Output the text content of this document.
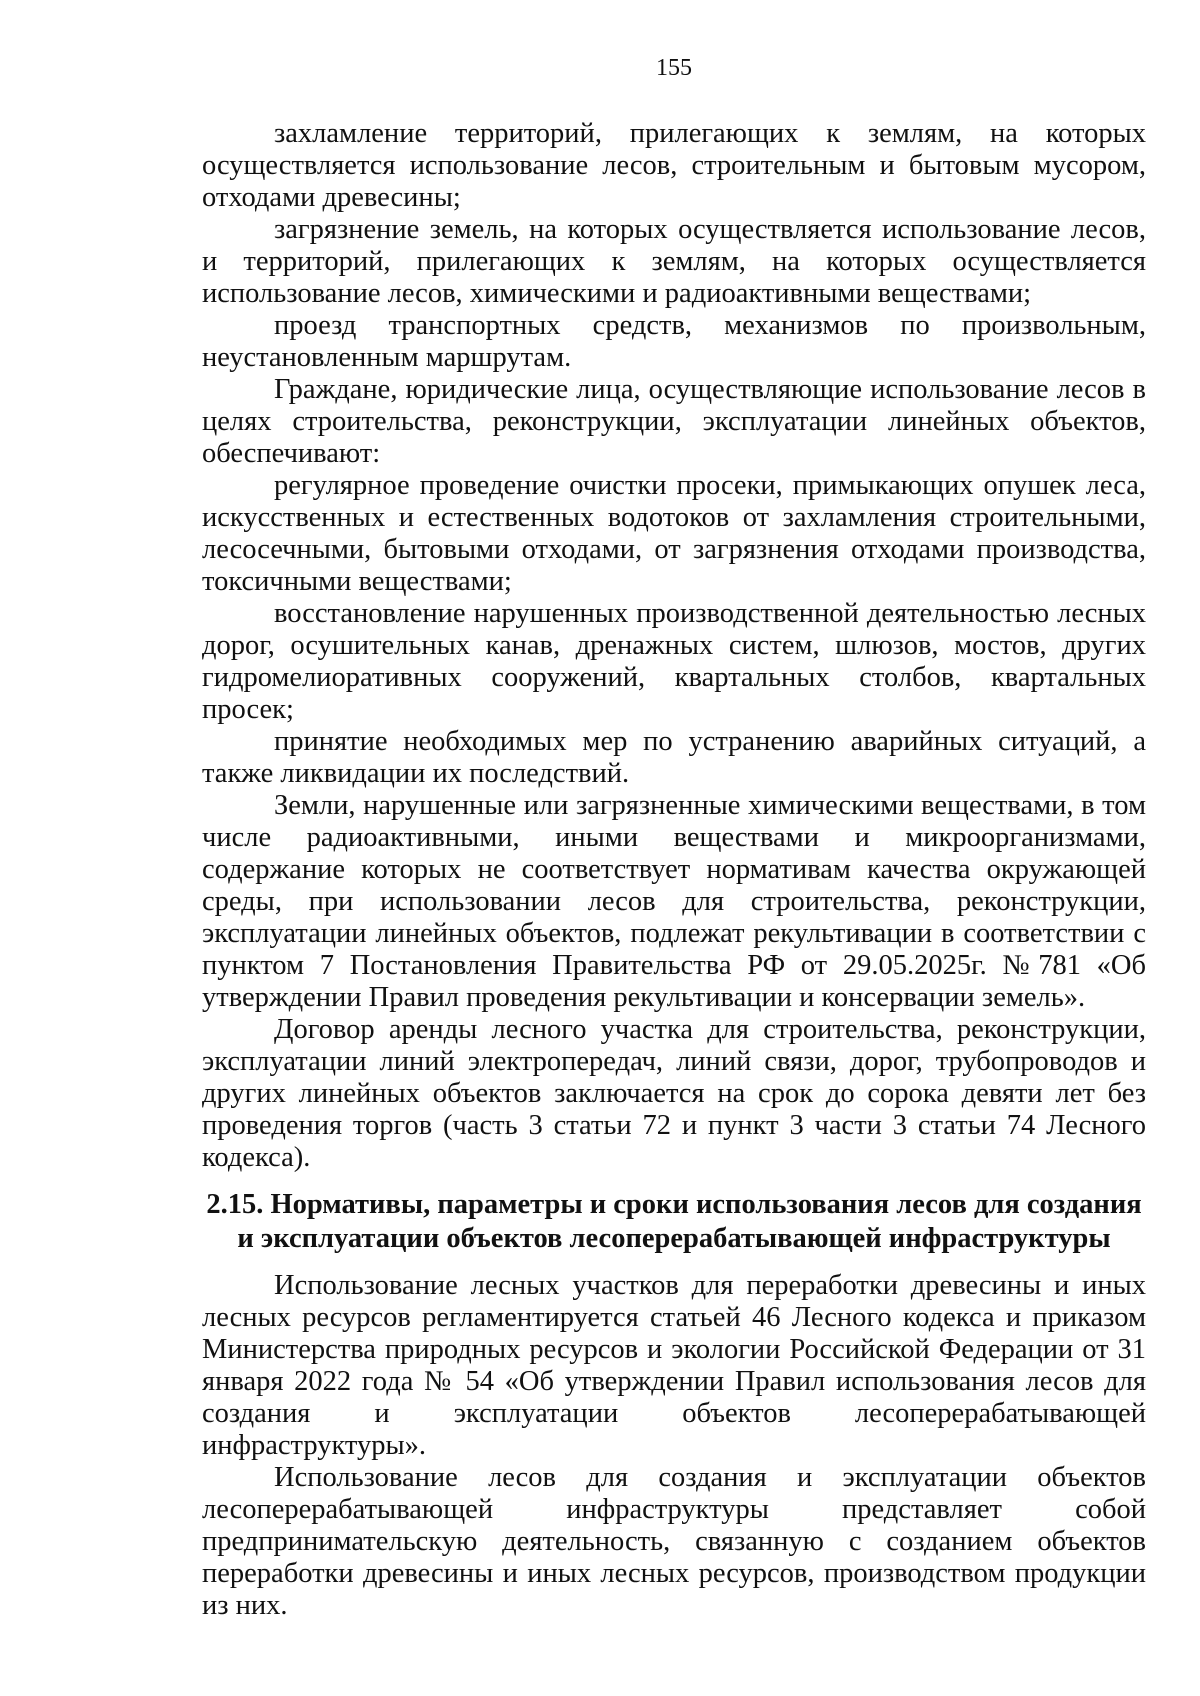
155

захламление территорий, прилегающих к землям, на которых осуществляется использование лесов, строительным и бытовым мусором, отходами древесины;

загрязнение земель, на которых осуществляется использование лесов, и территорий, прилегающих к землям, на которых осуществляется использование лесов, химическими и радиоактивными веществами;

проезд транспортных средств, механизмов по произвольным, неустановленным маршрутам.

Граждане, юридические лица, осуществляющие использование лесов в целях строительства, реконструкции, эксплуатации линейных объектов, обеспечивают:

регулярное проведение очистки просеки, примыкающих опушек леса, искусственных и естественных водотоков от захламления строительными, лесосечными, бытовыми отходами, от загрязнения отходами производства, токсичными веществами;

восстановление нарушенных производственной деятельностью лесных дорог, осушительных канав, дренажных систем, шлюзов, мостов, других гидромелиоративных сооружений, квартальных столбов, квартальных просек;

принятие необходимых мер по устранению аварийных ситуаций, а также ликвидации их последствий.

Земли, нарушенные или загрязненные химическими веществами, в том числе радиоактивными, иными веществами и микроорганизмами, содержание которых не соответствует нормативам качества окружающей среды, при использовании лесов для строительства, реконструкции, эксплуатации линейных объектов, подлежат рекультивации в соответствии с пунктом 7 Постановления Правительства РФ от 29.05.2025г. №781 «Об утверждении Правил проведения рекультивации и консервации земель».

Договор аренды лесного участка для строительства, реконструкции, эксплуатации линий электропередач, линий связи, дорог, трубопроводов и других линейных объектов заключается на срок до сорока девяти лет без проведения торгов (часть 3 статьи 72 и пункт 3 части 3 статьи 74 Лесного кодекса).

2.15. Нормативы, параметры и сроки использования лесов для создания и эксплуатации объектов лесоперерабатывающей инфраструктуры

Использование лесных участков для переработки древесины и иных лесных ресурсов регламентируется статьей 46 Лесного кодекса и приказом Министерства природных ресурсов и экологии Российской Федерации от 31 января 2022 года № 54 «Об утверждении Правил использования лесов для создания и эксплуатации объектов лесоперерабатывающей инфраструктуры».

Использование лесов для создания и эксплуатации объектов лесоперерабатывающей инфраструктуры представляет собой предпринимательскую деятельность, связанную с созданием объектов переработки древесины и иных лесных ресурсов, производством продукции из них.
